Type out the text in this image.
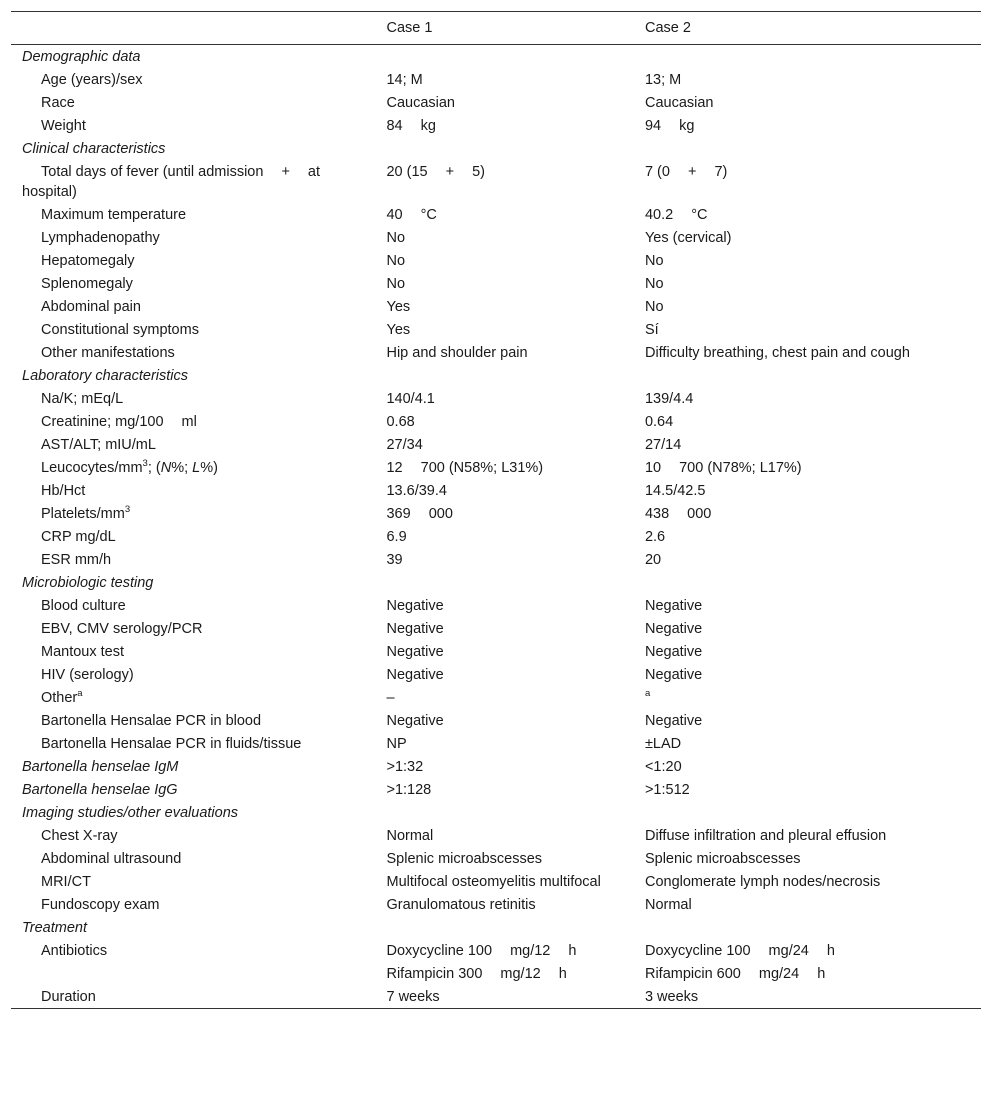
	Case 1	Case 2
Demographic data		
Age (years)/sex	14; M	13; M
Race	Caucasian	Caucasian
Weight	84 kg	94 kg
Clinical characteristics		
Total days of fever (until admission + at
hospital)	20 (15 + 5)	7 (0 + 7)
Maximum temperature	40 °C	40.2 °C
Lymphadenopathy	No	Yes (cervical)
Hepatomegaly	No	No
Splenomegaly	No	No
Abdominal pain	Yes	No
Constitutional symptoms	Yes	Sí
Other manifestations	Hip and shoulder pain	Difficulty breathing, chest pain and cough
Laboratory characteristics		
Na/K; mEq/L	140/4.1	139/4.4
Creatinine; mg/100 ml	0.68	0.64
AST/ALT; mIU/mL	27/34	27/14
Leucocytes/$mm^3$; (N%; L%)	12 700 (N58%; L31%)	10 700 (N78%; L17%)
Hb/Hct	13.6/39.4	14.5/42.5
Platelets/$mm^3$	369 000	438 000
CRP mg/dL	6.9	2.6
ESR mm/h	39	20
Microbiologic testing		
Blood culture	Negative	Negative
EBV, CMV serology/PCR	Negative	Negative
Mantoux test	Negative	Negative
HIV (serology)	Negative	Negative
Other$^a$	–	$^a$
Bartonella Hensalae PCR in blood	Negative	Negative
Bartonella Hensalae PCR in fluids/tissue	NP	±LAD
Bartonella henselae IgM	>1:32	<1:20
Bartonella henselae IgG	>1:128	>1:512
Imaging studies/other evaluations		
Chest X-ray	Normal	Diffuse infiltration and pleural effusion
Abdominal ultrasound	Splenic microabscesses	Splenic microabscesses
MRI/CT	Multifocal osteomyelitis multifocal	Conglomerate lymph nodes/necrosis
Fundoscopy exam	Granulomatous retinitis	Normal
Treatment		
Antibiotics	Doxycycline 100 mg/12 h	Doxycycline 100 mg/24 h
	Rifampicin 300 mg/12 h	Rifampicin 600 mg/24 h
Duration	7 weeks	3 weeks
